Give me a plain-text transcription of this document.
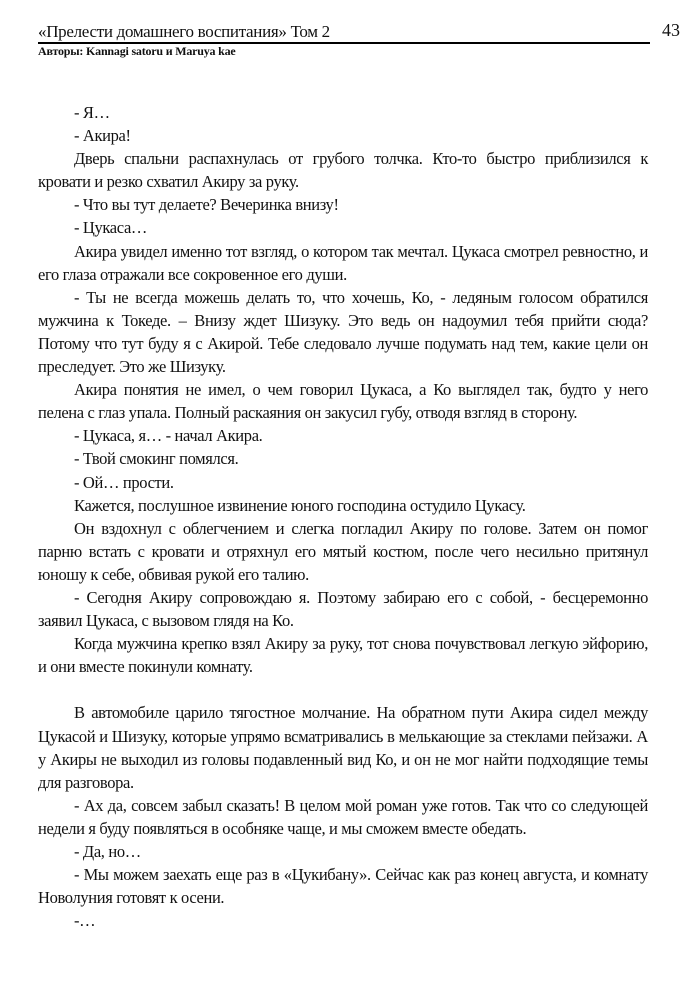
«Прелести домашнего воспитания» Том 2	43
Авторы: Kannagi satoru и Maruya kae

- Я…

- Акира!

Дверь спальни распахнулась от грубого толчка. Кто-то быстро приблизился к кровати и резко схватил Акиру за руку.

- Что вы тут делаете? Вечеринка внизу!

- Цукаса…

Акира увидел именно тот взгляд, о котором так мечтал. Цукаса смотрел ревностно, и его глаза отражали все сокровенное его души.

- Ты не всегда можешь делать то, что хочешь, Ко, - ледяным голосом обратился мужчина к Токеде. – Внизу ждет Шизуку. Это ведь он надоумил тебя прийти сюда? Потому что тут буду я с Акирой. Тебе следовало лучше подумать над тем, какие цели он преследует. Это же Шизуку.

Акира понятия не имел, о чем говорил Цукаса, а Ко выглядел так, будто у него пелена с глаз упала. Полный раскаяния он закусил губу, отводя взгляд в сторону.

- Цукаса, я… - начал Акира.

- Твой смокинг помялся.

- Ой… прости.

Кажется, послушное извинение юного господина остудило Цукасу.

Он вздохнул с облегчением и слегка погладил Акиру по голове. Затем он помог парню встать с кровати и отряхнул его мятый костюм, после чего несильно притянул юношу к себе, обвивая рукой его талию.

- Сегодня Акиру сопровождаю я. Поэтому забираю его с собой, - бесцеремонно заявил Цукаса, с вызовом глядя на Ко.

Когда мужчина крепко взял Акиру за руку, тот снова почувствовал легкую эйфорию, и они вместе покинули комнату.

В автомобиле царило тягостное молчание. На обратном пути Акира сидел между Цукасой и Шизуку, которые упрямо всматривались в мелькающие за стеклами пейзажи. А у Акиры не выходил из головы подавленный вид Ко, и он не мог найти подходящие темы для разговора.

- Ах да, совсем забыл сказать! В целом мой роман уже готов. Так что со следующей недели я буду появляться в особняке чаще, и мы сможем вместе обедать.

- Да, но…

- Мы можем заехать еще раз в «Цукибану». Сейчас как раз конец августа, и комнату Новолуния готовят к осени.

-…
